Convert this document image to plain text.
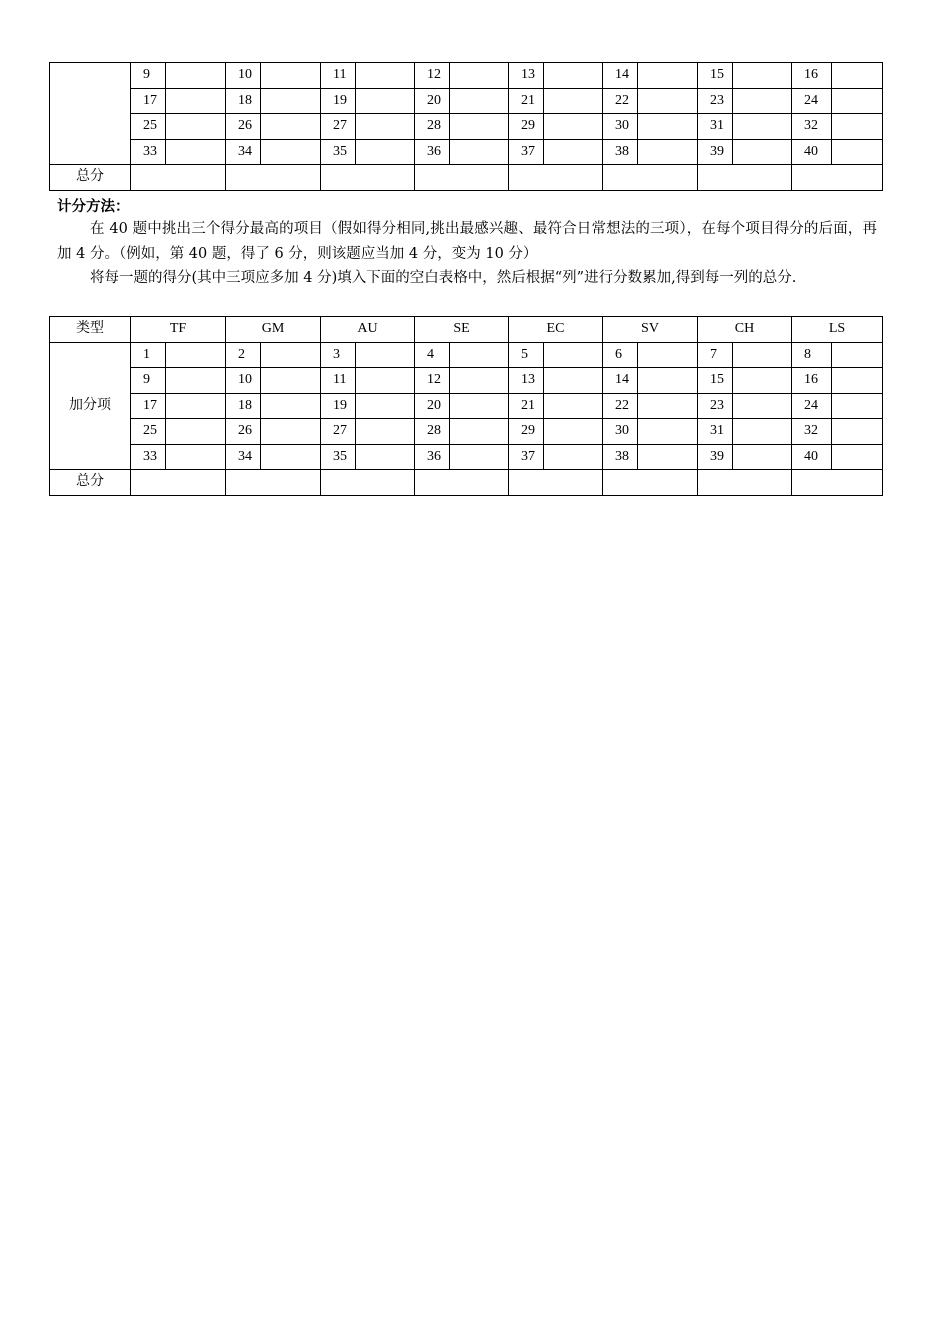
	9		10		11		12		13		14		15		16	
	17		18		19		20		21		22		23		24	
	25		26		27		28		29		30		31		32	
	33		34		35		36		37		38		39		40	
总分																
计分方法：
在 40 题中挑出三个得分最高的项目（假如得分相同,挑出最感兴趣、最符合日常想法的三项），在每个项目得分的后面，再加 4 分。（例如，第 40 题，得了 6 分，则该题应当加 4 分，变为 10 分）
将每一题的得分(其中三项应多加 4 分)填入下面的空白表格中，然后根据“列”进行分数累加,得到每一列的总分.
类型	TF		GM		AU		SE		EC		SV		CH		LS	
加分项	1		2		3		4		5		6		7		8	
	9		10		11		12		13		14		15		16	
	17		18		19		20		21		22		23		24	
	25		26		27		28		29		30		31		32	
	33		34		35		36		37		38		39		40	
总分																
